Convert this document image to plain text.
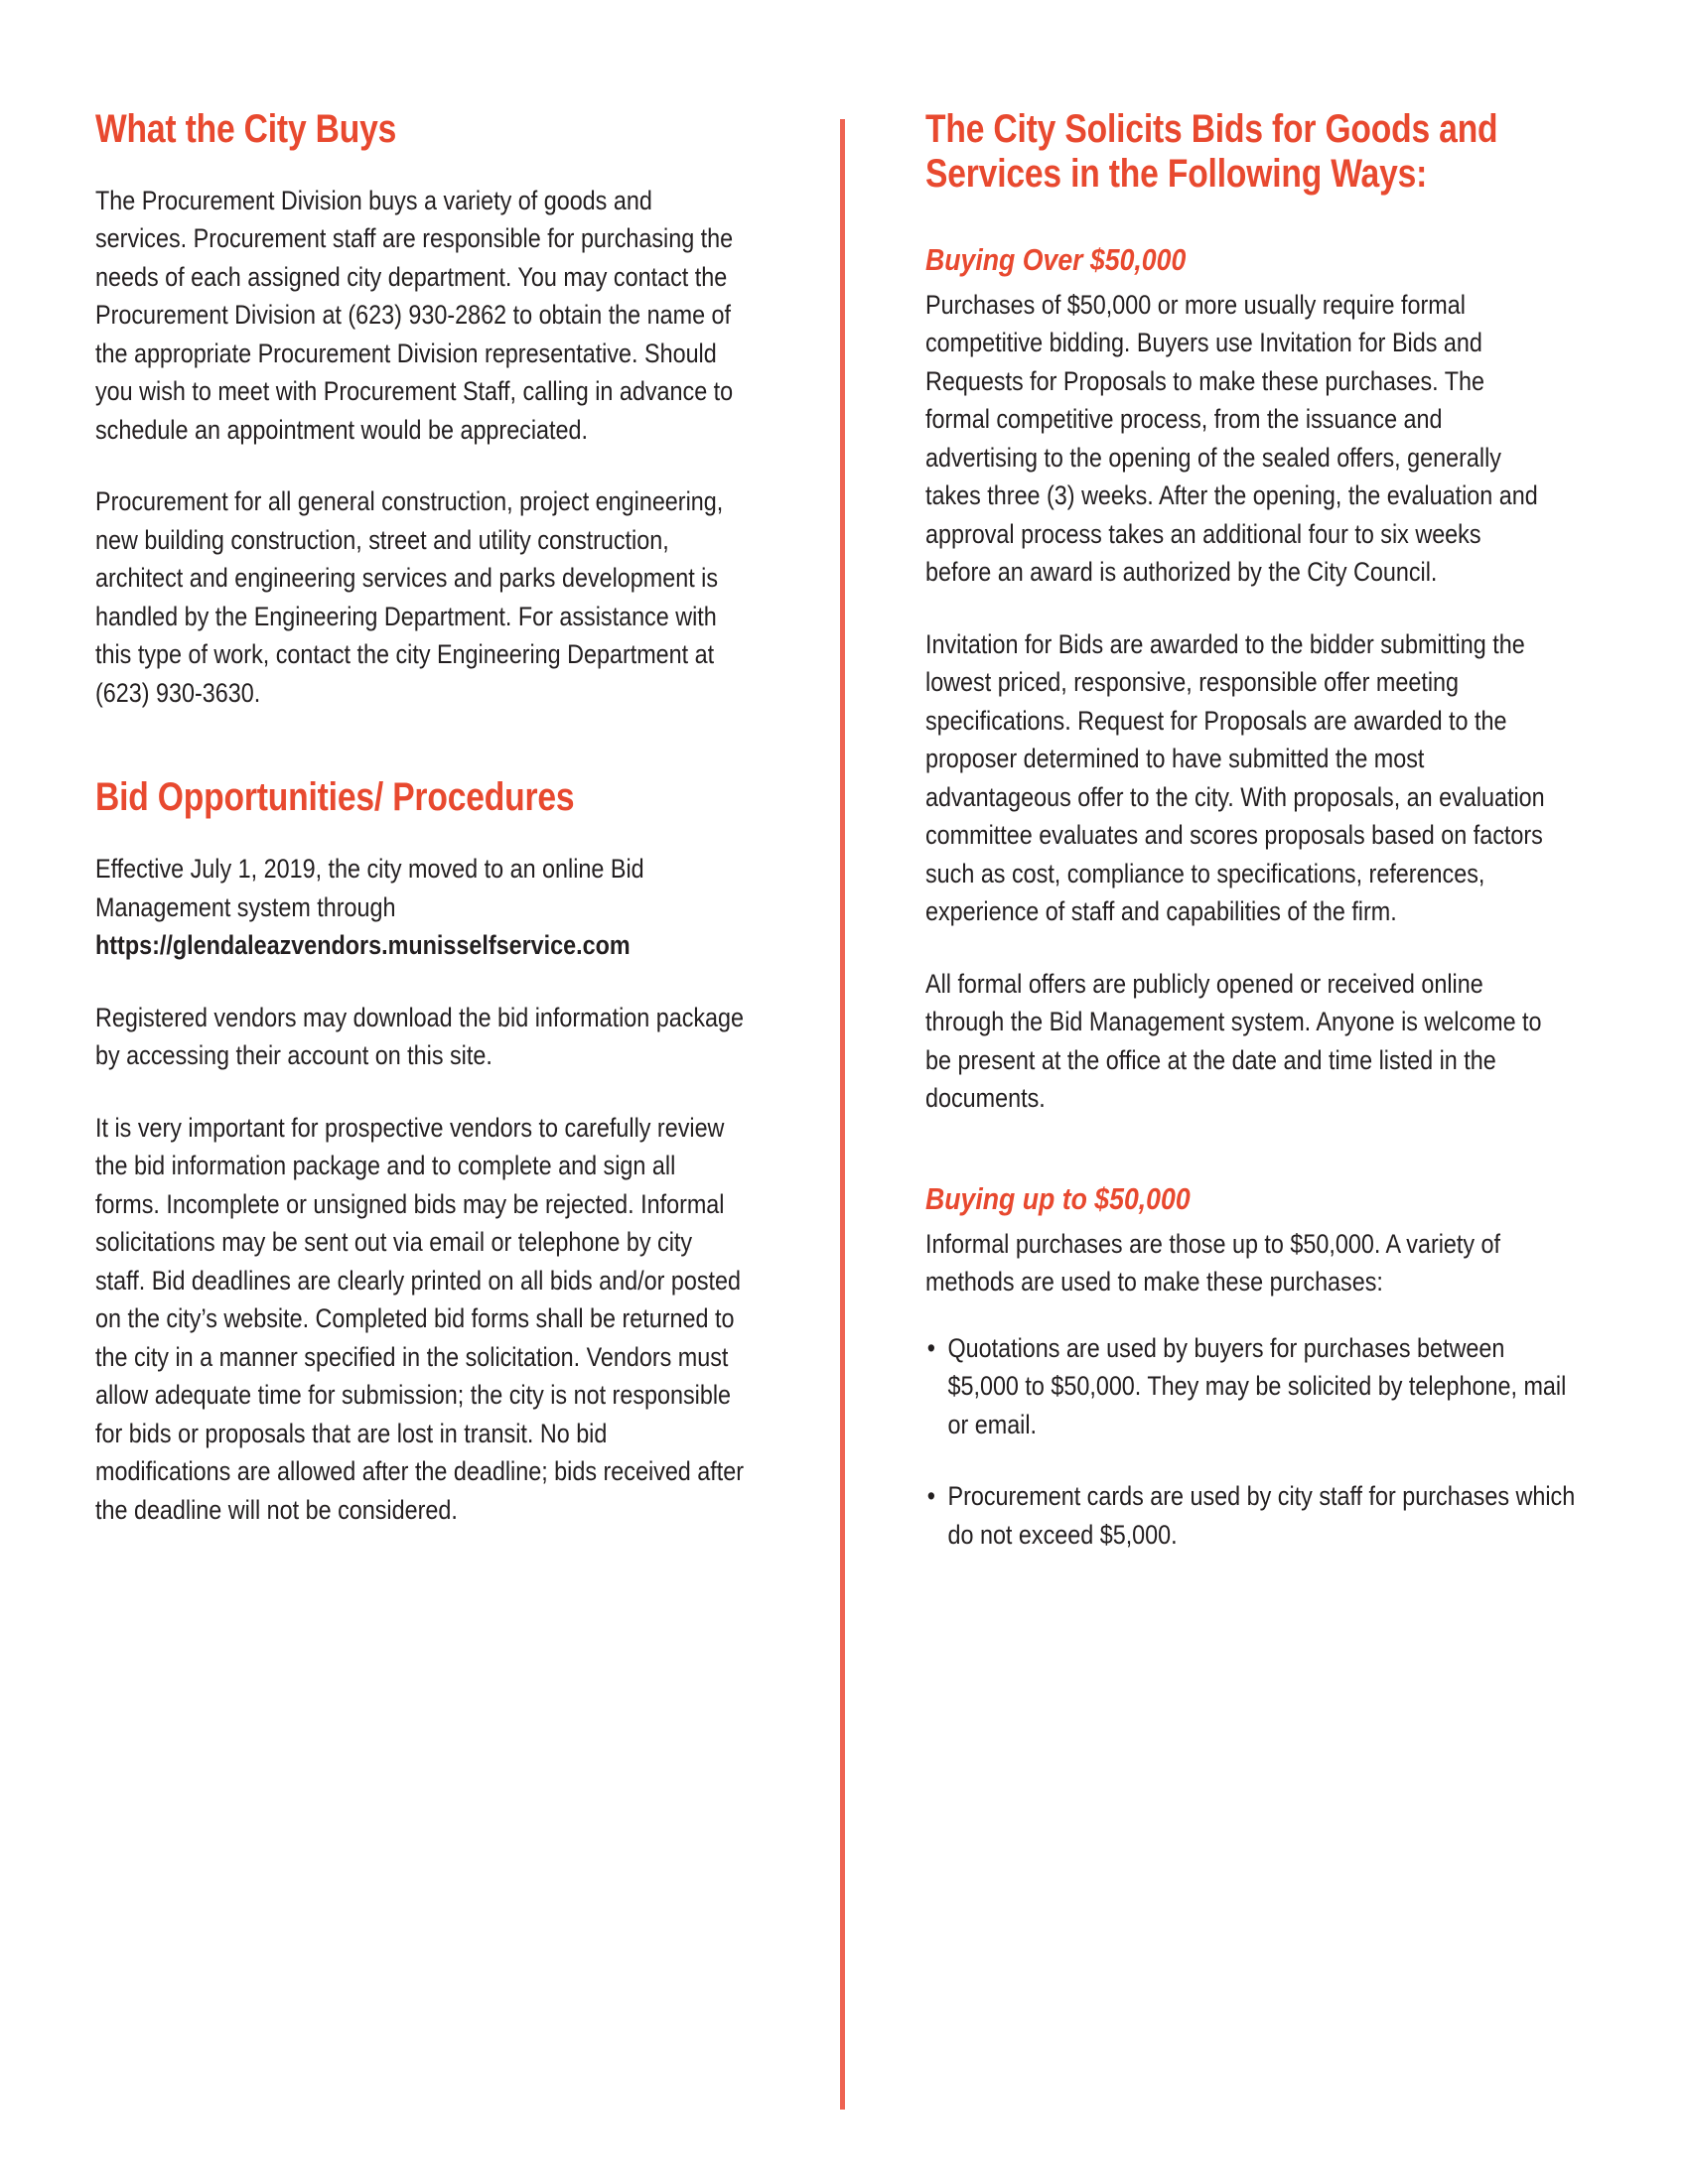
What the City Buys

The Procurement Division buys a variety of goods and services. Procurement staff are responsible for purchasing the needs of each assigned city department. You may contact the Procurement Division at (623) 930-2862 to obtain the name of the appropriate Procurement Division representative. Should you wish to meet with Procurement Staff, calling in advance to schedule an appointment would be appreciated.

Procurement for all general construction, project engineering, new building construction, street and utility construction, architect and engineering services and parks development is handled by the Engineering Department. For assistance with this type of work, contact the city Engineering Department at (623) 930-3630.

Bid Opportunities/ Procedures

Effective July 1, 2019, the city moved to an online Bid Management system through

https://glendaleazvendors.munisselfservice.com

Registered vendors may download the bid information package by accessing their account on this site.

It is very important for prospective vendors to carefully review the bid information package and to complete and sign all forms. Incomplete or unsigned bids may be rejected. Informal solicitations may be sent out via email or telephone by city staff. Bid deadlines are clearly printed on all bids and/or posted on the city’s website. Completed bid forms shall be returned to the city in a manner specified in the solicitation. Vendors must allow adequate time for submission; the city is not responsible for bids or proposals that are lost in transit. No bid modifications are allowed after the deadline; bids received after the deadline will not be considered.

The City Solicits Bids for Goods and Services in the Following Ways:
Buying Over $50,000

Purchases of $50,000 or more usually require formal competitive bidding. Buyers use Invitation for Bids and Requests for Proposals to make these purchases. The formal competitive process, from the issuance and advertising to the opening of the sealed offers, generally takes three (3) weeks. After the opening, the evaluation and approval process takes an additional four to six weeks before an award is authorized by the City Council.

Invitation for Bids are awarded to the bidder submitting the lowest priced, responsive, responsible offer meeting specifications. Request for Proposals are awarded to the proposer determined to have submitted the most advantageous offer to the city. With proposals, an evaluation committee evaluates and scores proposals based on factors such as cost, compliance to specifications, references, experience of staff and capabilities of the firm.

All formal offers are publicly opened or received online through the Bid Management system. Anyone is welcome to be present at the office at the date and time listed in the documents.

Buying up to $50,000

Informal purchases are those up to $50,000. A variety of methods are used to make these purchases:

• Quotations are used by buyers for purchases between $5,000 to $50,000. They may be solicited by telephone, mail or email.
• Procurement cards are used by city staff for purchases which do not exceed $5,000.
